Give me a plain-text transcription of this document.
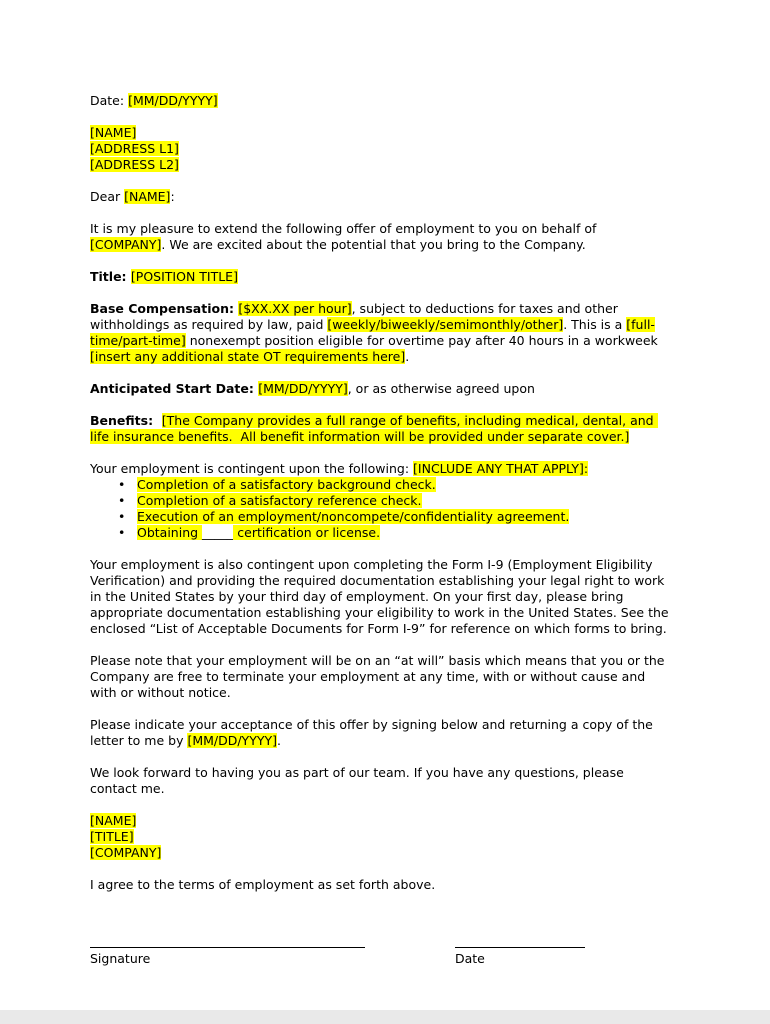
Date: [MM/DD/YYYY]
[NAME]
[ADDRESS L1]
[ADDRESS L2]
Dear [NAME]:
It is my pleasure to extend the following offer of employment to you on behalf of [COMPANY]. We are excited about the potential that you bring to the Company.
Title: [POSITION TITLE]
Base Compensation: [$XX.XX per hour], subject to deductions for taxes and other withholdings as required by law, paid [weekly/biweekly/semimonthly/other]. This is a [full-time/part-time] nonexempt position eligible for overtime pay after 40 hours in a workweek [insert any additional state OT requirements here].
Anticipated Start Date: [MM/DD/YYYY], or as otherwise agreed upon
Benefits:  [The Company provides a full range of benefits, including medical, dental, and life insurance benefits.  All benefit information will be provided under separate cover.]
Your employment is contingent upon the following: [INCLUDE ANY THAT APPLY]:
• Completion of a satisfactory background check.
• Completion of a satisfactory reference check.
• Execution of an employment/noncompete/confidentiality agreement.
• Obtaining _____ certification or license.
Your employment is also contingent upon completing the Form I-9 (Employment Eligibility Verification) and providing the required documentation establishing your legal right to work in the United States by your third day of employment. On your first day, please bring appropriate documentation establishing your eligibility to work in the United States. See the enclosed “List of Acceptable Documents for Form I-9” for reference on which forms to bring.
Please note that your employment will be on an “at will” basis which means that you or the Company are free to terminate your employment at any time, with or without cause and with or without notice.
Please indicate your acceptance of this offer by signing below and returning a copy of the letter to me by [MM/DD/YYYY].
We look forward to having you as part of our team. If you have any questions, please contact me.
[NAME]
[TITLE]
[COMPANY]
I agree to the terms of employment as set forth above.
Signature	Date
